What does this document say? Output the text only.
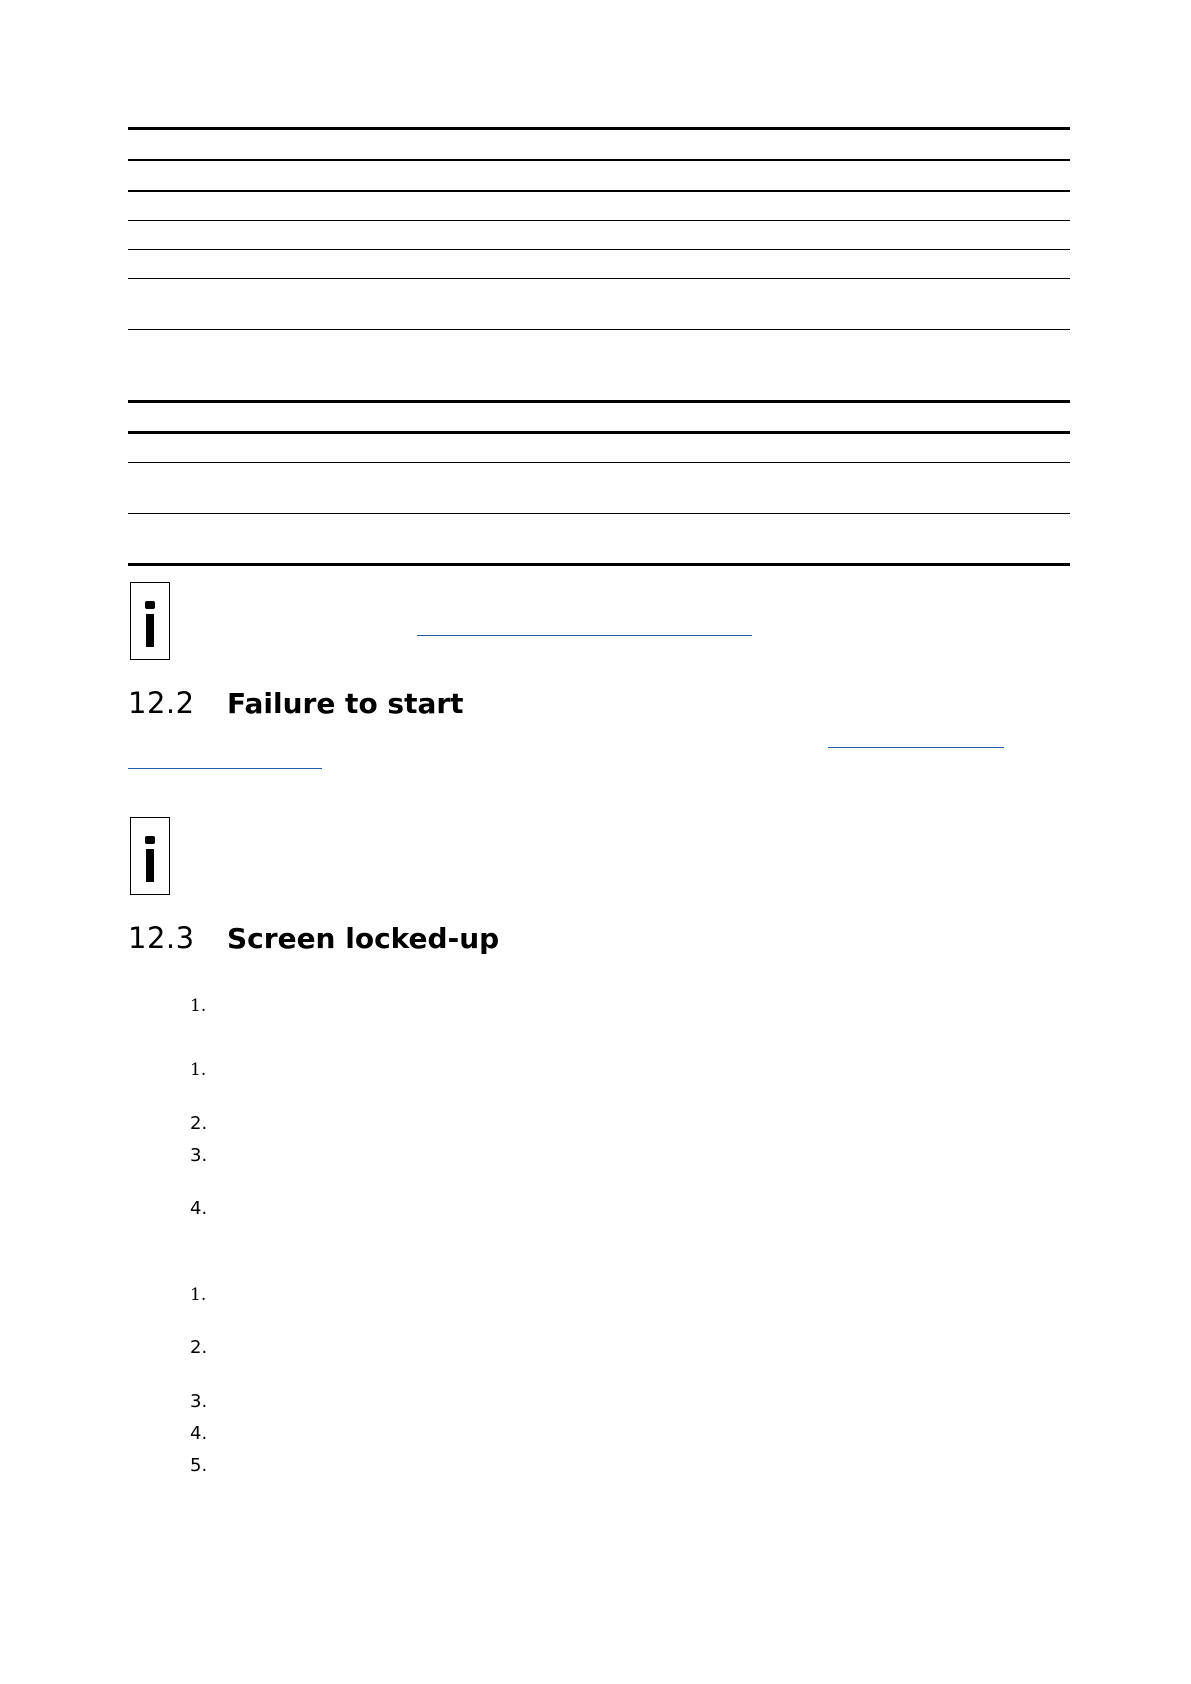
12.2	Failure to start
12.3	Screen locked-up
1.
1.
2.
3.
4.
1.
2.
3.
4.
5.
